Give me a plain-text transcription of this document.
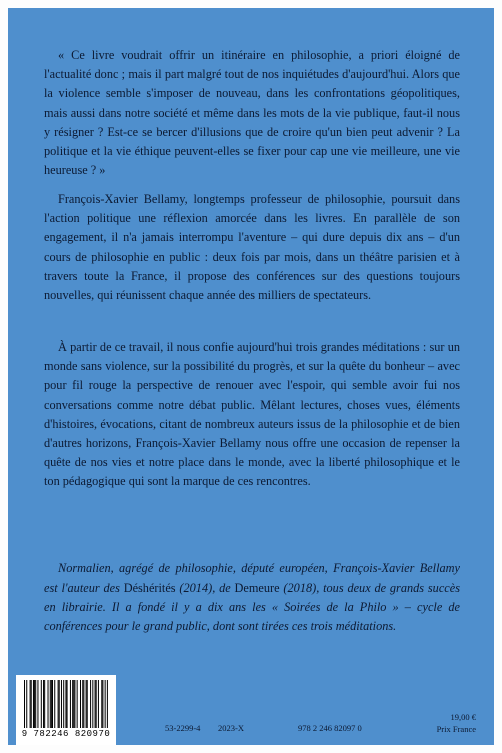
« Ce livre voudrait offrir un itinéraire en philosophie, a priori éloigné de l'actualité donc ; mais il part malgré tout de nos inquiétudes d'aujourd'hui. Alors que la violence semble s'imposer de nouveau, dans les confrontations géopolitiques, mais aussi dans notre société et même dans les mots de la vie publique, faut-il nous y résigner ? Est-ce se bercer d'illusions que de croire qu'un bien peut advenir ? La politique et la vie éthique peuvent-elles se fixer pour cap une vie meilleure, une vie heureuse ? »

François-Xavier Bellamy, longtemps professeur de philosophie, poursuit dans l'action politique une réflexion amorcée dans les livres. En parallèle de son engagement, il n'a jamais interrompu l'aventure – qui dure depuis dix ans – d'un cours de philosophie en public : deux fois par mois, dans un théâtre parisien et à travers toute la France, il propose des conférences sur des questions toujours nouvelles, qui réunissent chaque année des milliers de spectateurs.

À partir de ce travail, il nous confie aujourd'hui trois grandes méditations : sur un monde sans violence, sur la possibilité du progrès, et sur la quête du bonheur – avec pour fil rouge la perspective de renouer avec l'espoir, qui semble avoir fui nos conversations comme notre débat public. Mêlant lectures, choses vues, éléments d'histoires, évocations, citant de nombreux auteurs issus de la philosophie et de bien d'autres horizons, François-Xavier Bellamy nous offre une occasion de repenser la quête de nos vies et notre place dans le monde, avec la liberté philosophique et le ton pédagogique qui sont la marque de ces rencontres.

Normalien, agrégé de philosophie, député européen, François-Xavier Bellamy est l'auteur des Déshérités (2014), de Demeure (2018), tous deux de grands succès en librairie. Il a fondé il y a dix ans les « Soirées de la Philo » – cycle de conférences pour le grand public, dont sont tirées ces trois méditations.

9 782246 820970
53-2299-4 2023-X	978 2 246 82097 0
19,00 €
Prix France
